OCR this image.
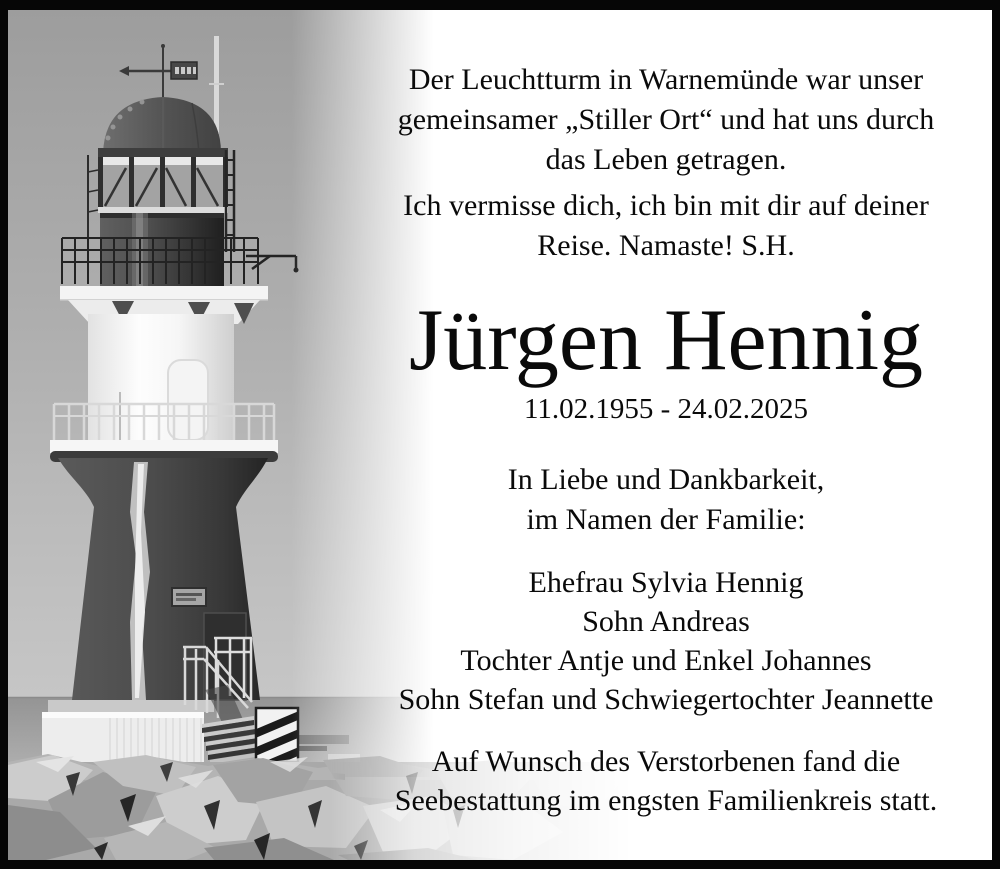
Der Leuchtturm in Warnemünde war unser
gemeinsamer „Stiller Ort“ und hat uns durch
das Leben getragen.
Ich vermisse dich, ich bin mit dir auf deiner
Reise. Namaste! S.H.
Jürgen Hennig
11.02.1955 - 24.02.2025
In Liebe und Dankbarkeit,
im Namen der Familie:
Ehefrau Sylvia Hennig
Sohn Andreas
Tochter Antje und Enkel Johannes
Sohn Stefan und Schwiegertochter Jeannette
Auf Wunsch des Verstorbenen fand die
Seebestattung im engsten Familienkreis statt.
